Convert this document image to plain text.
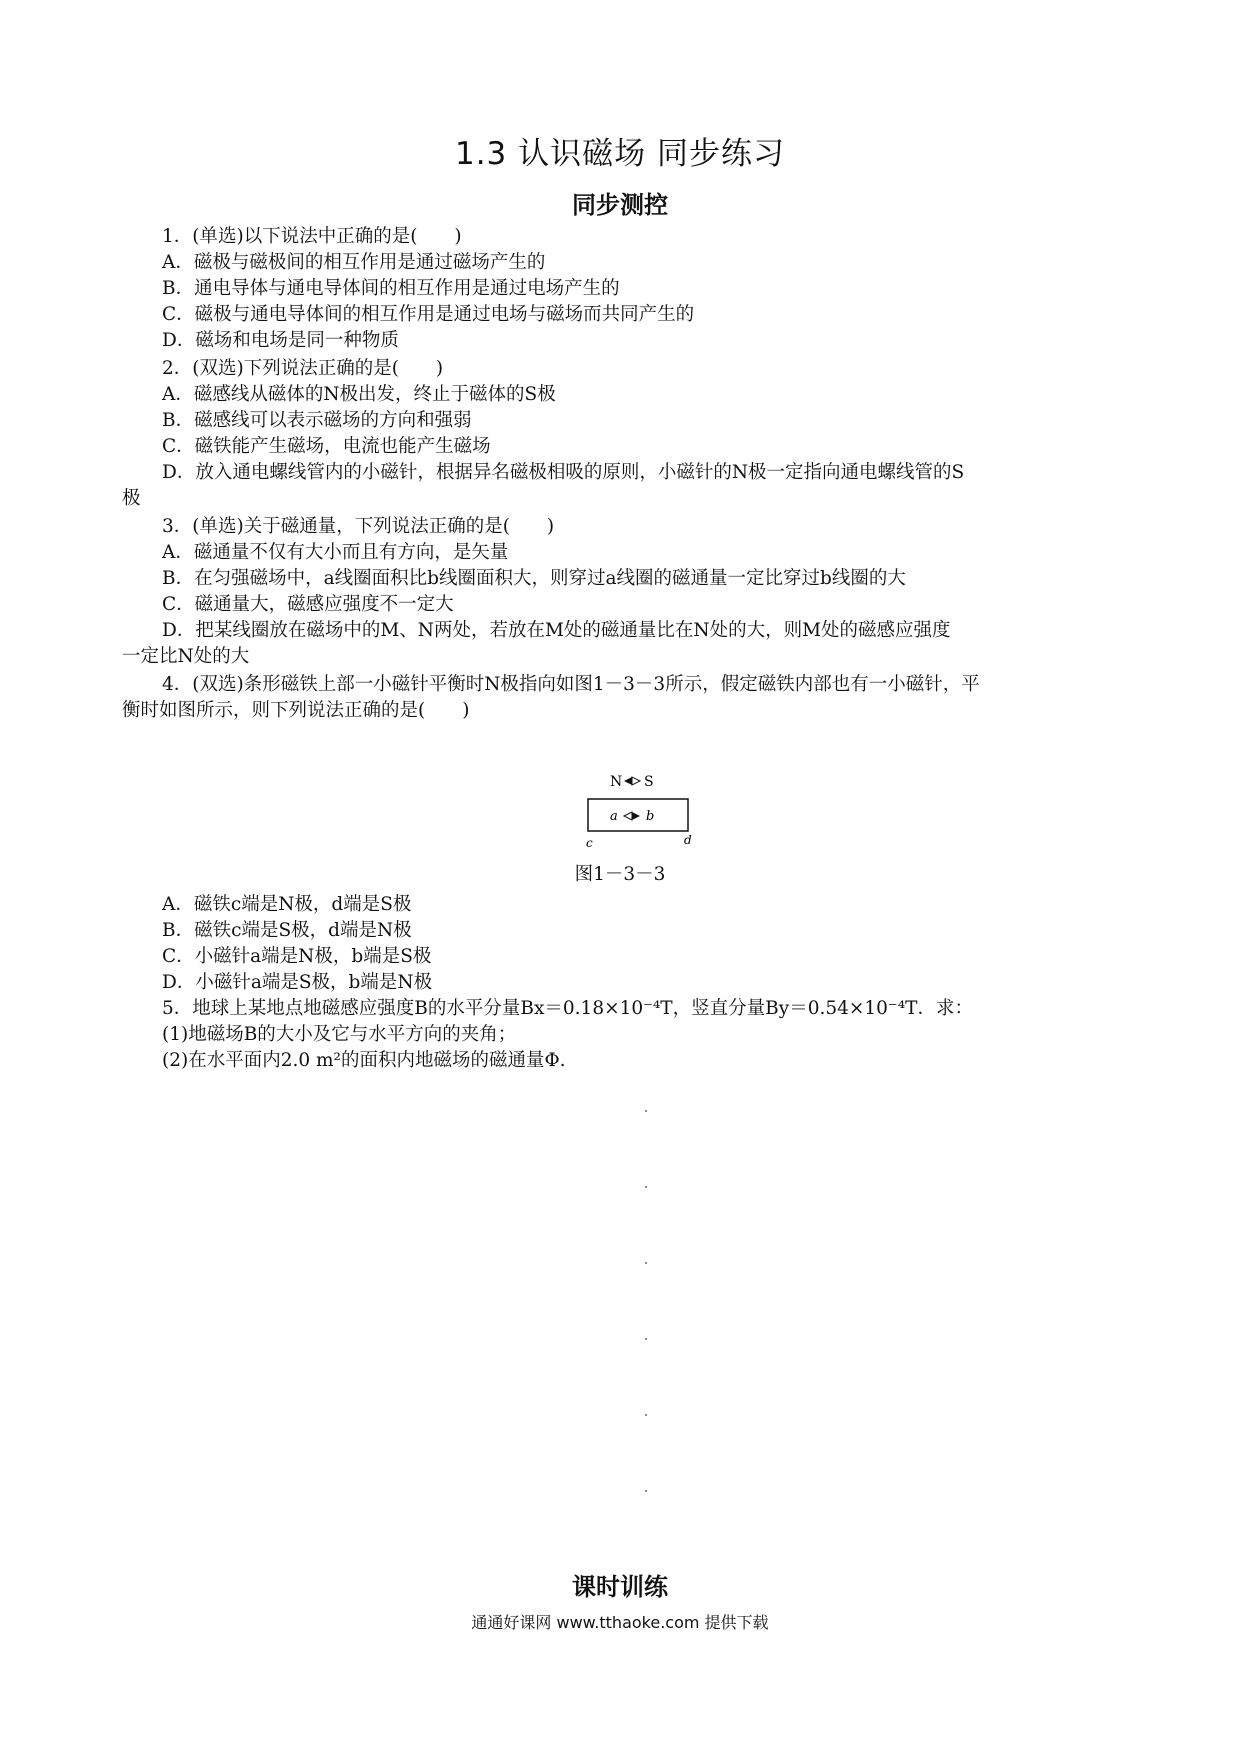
1.3 认识磁场 同步练习
同步测控
1．(单选)以下说法中正确的是(　　)
A．磁极与磁极间的相互作用是通过磁场产生的
B．通电导体与通电导体间的相互作用是通过电场产生的
C．磁极与通电导体间的相互作用是通过电场与磁场而共同产生的
D．磁场和电场是同一种物质
2．(双选)下列说法正确的是(　　)
A．磁感线从磁体的N极出发，终止于磁体的S极
B．磁感线可以表示磁场的方向和强弱
C．磁铁能产生磁场，电流也能产生磁场
D．放入通电螺线管内的小磁针，根据异名磁极相吸的原则，小磁针的N极一定指向通电螺线管的S
极
3．(单选)关于磁通量，下列说法正确的是(　　)
A．磁通量不仅有大小而且有方向，是矢量
B．在匀强磁场中，a线圈面积比b线圈面积大，则穿过a线圈的磁通量一定比穿过b线圈的大
C．磁通量大，磁感应强度不一定大
D．把某线圈放在磁场中的M、N两处，若放在M处的磁通量比在N处的大，则M处的磁感应强度
一定比N处的大
4．(双选)条形磁铁上部一小磁针平衡时N极指向如图1－3－3所示，假定磁铁内部也有一小磁针，平
衡时如图所示，则下列说法正确的是(　　)
N S
a b
c	d
图1－3－3
A．磁铁c端是N极，d端是S极
B．磁铁c端是S极，d端是N极
C．小磁针a端是N极，b端是S极
D．小磁针a端是S极，b端是N极
5．地球上某地点地磁感应强度B的水平分量Bx＝0.18×10⁻⁴T，竖直分量By＝0.54×10⁻⁴T．求：
(1)地磁场B的大小及它与水平方向的夹角；
(2)在水平面内2.0 m²的面积内地磁场的磁通量Φ.
课时训练
通通好课网 www.tthaoke.com 提供下载
